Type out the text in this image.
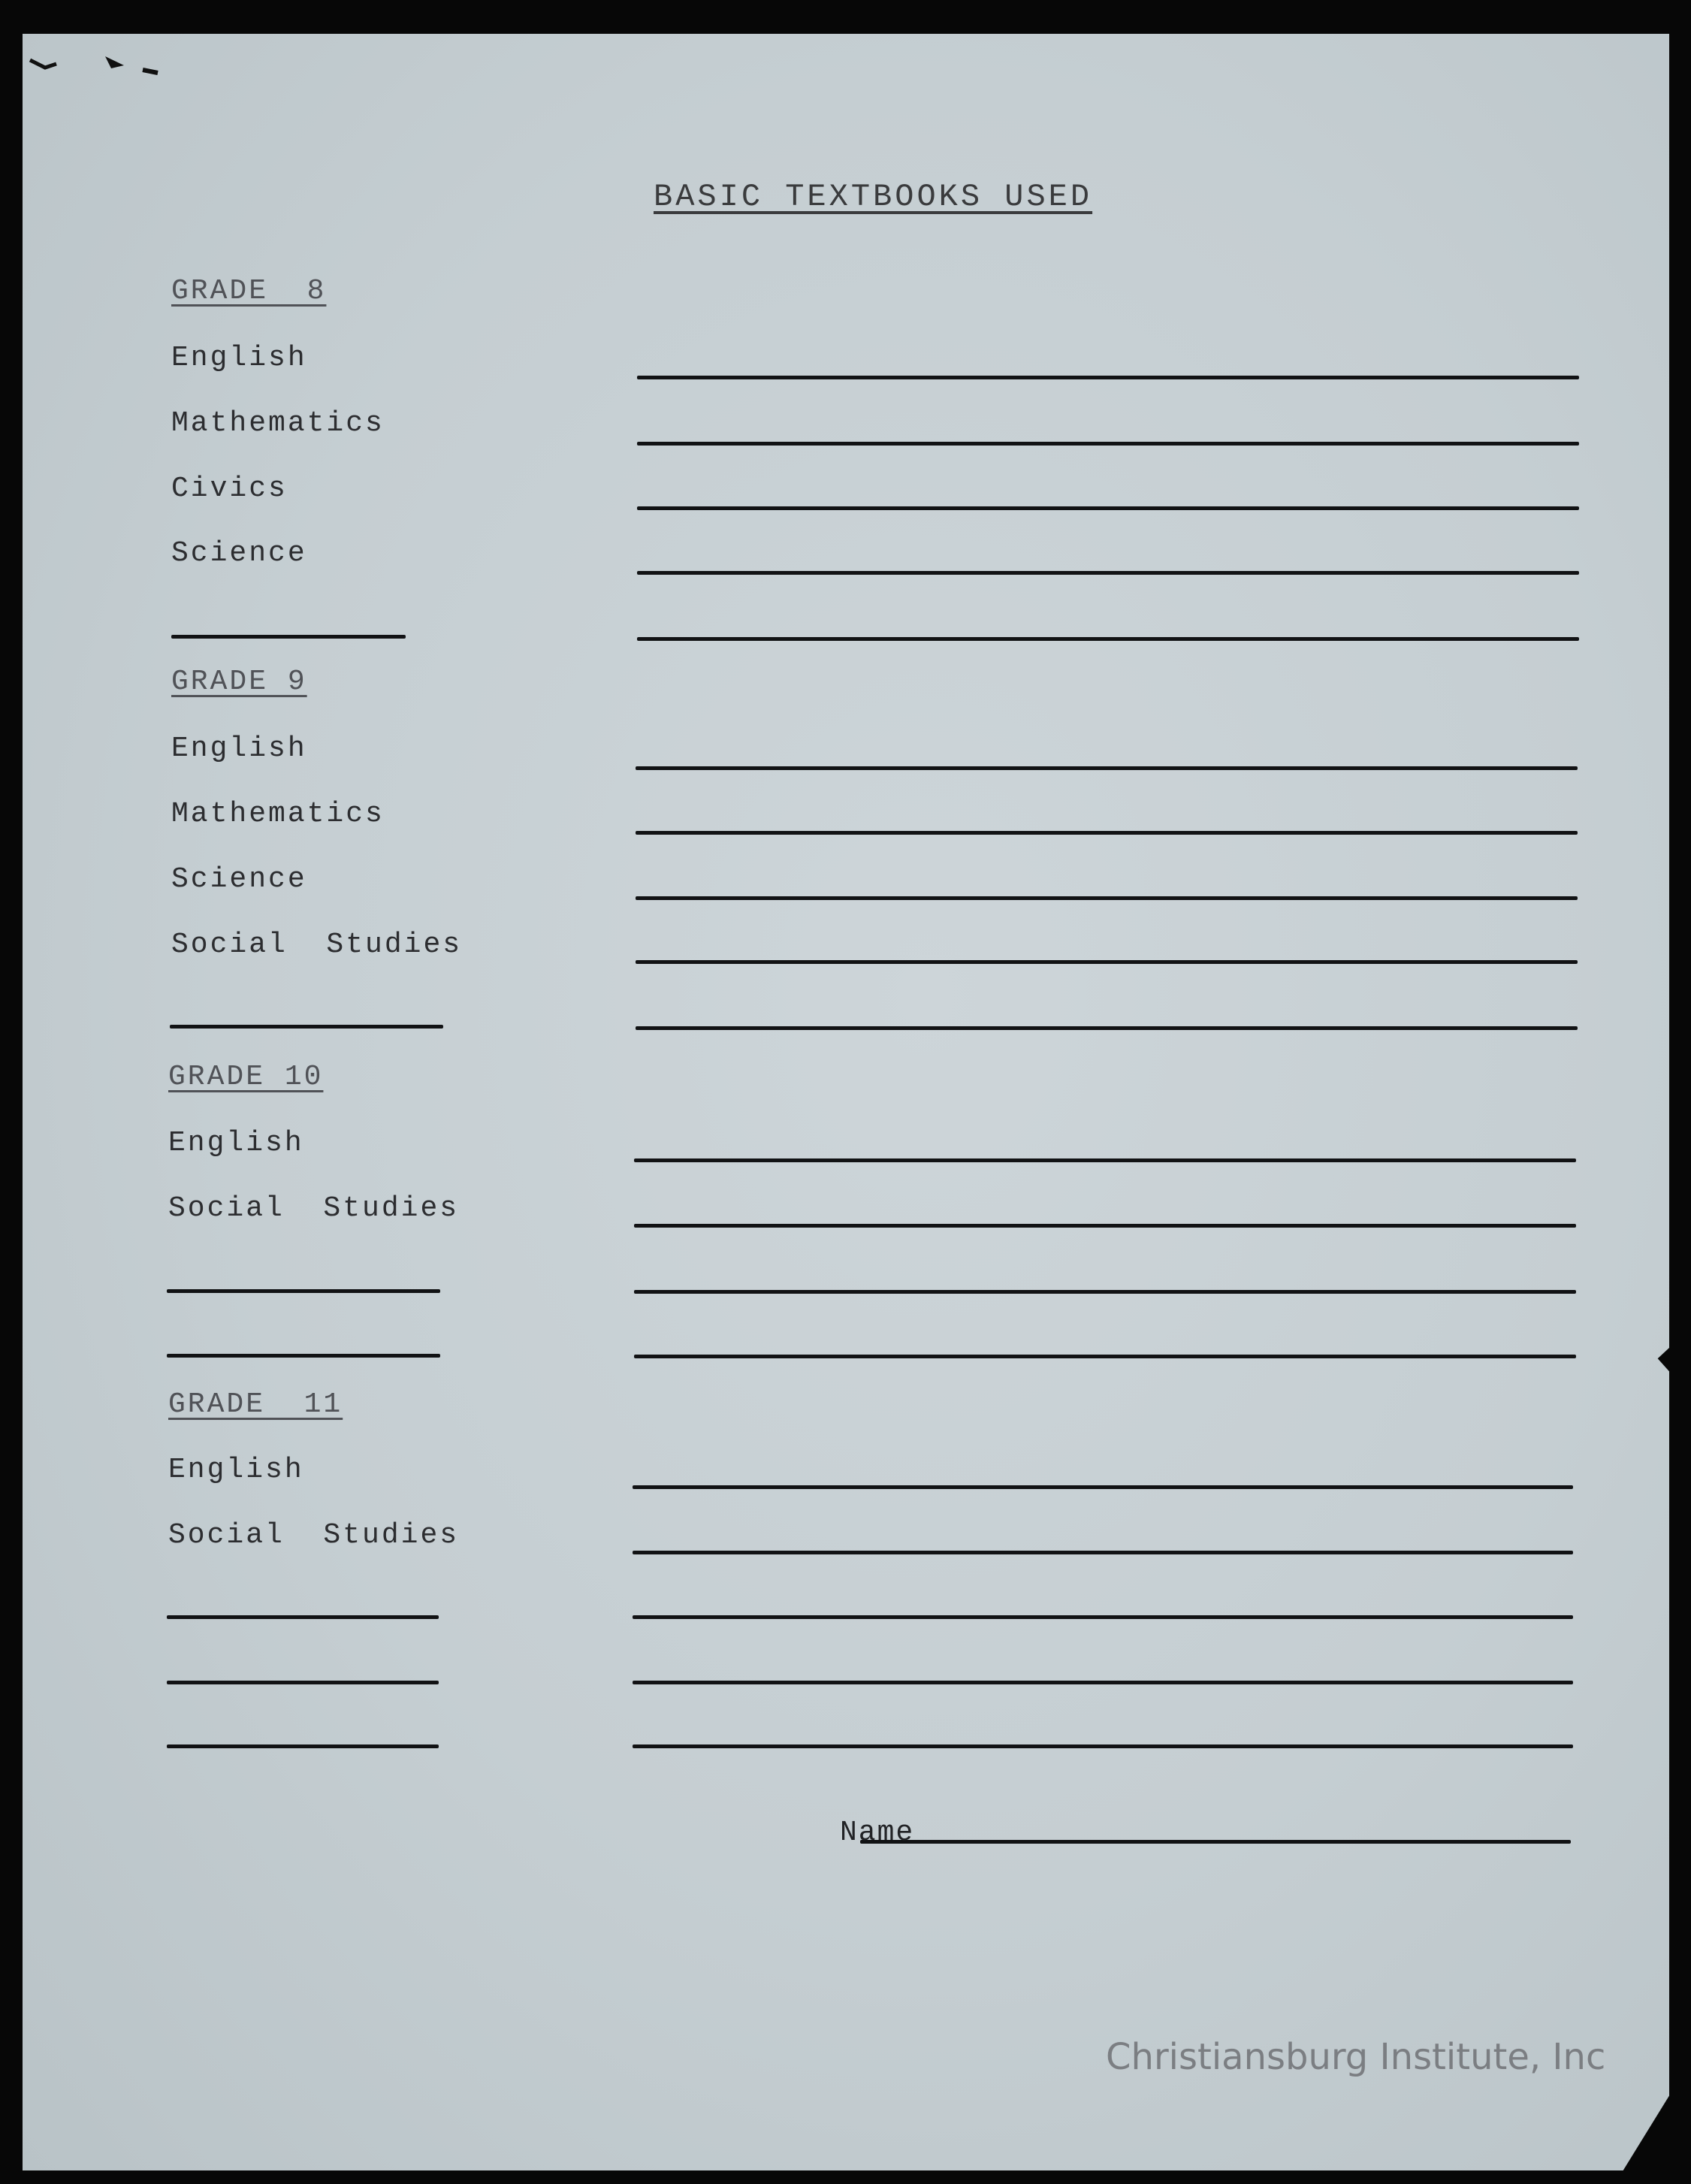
BASIC TEXTBOOKS USED
GRADE  8
English
Mathematics
Civics
Science
GRADE 9
English
Mathematics
Science
Social  Studies
GRADE 10
English
Social  Studies
GRADE  11
English
Social  Studies
Name
Christiansburg Institute, Inc
